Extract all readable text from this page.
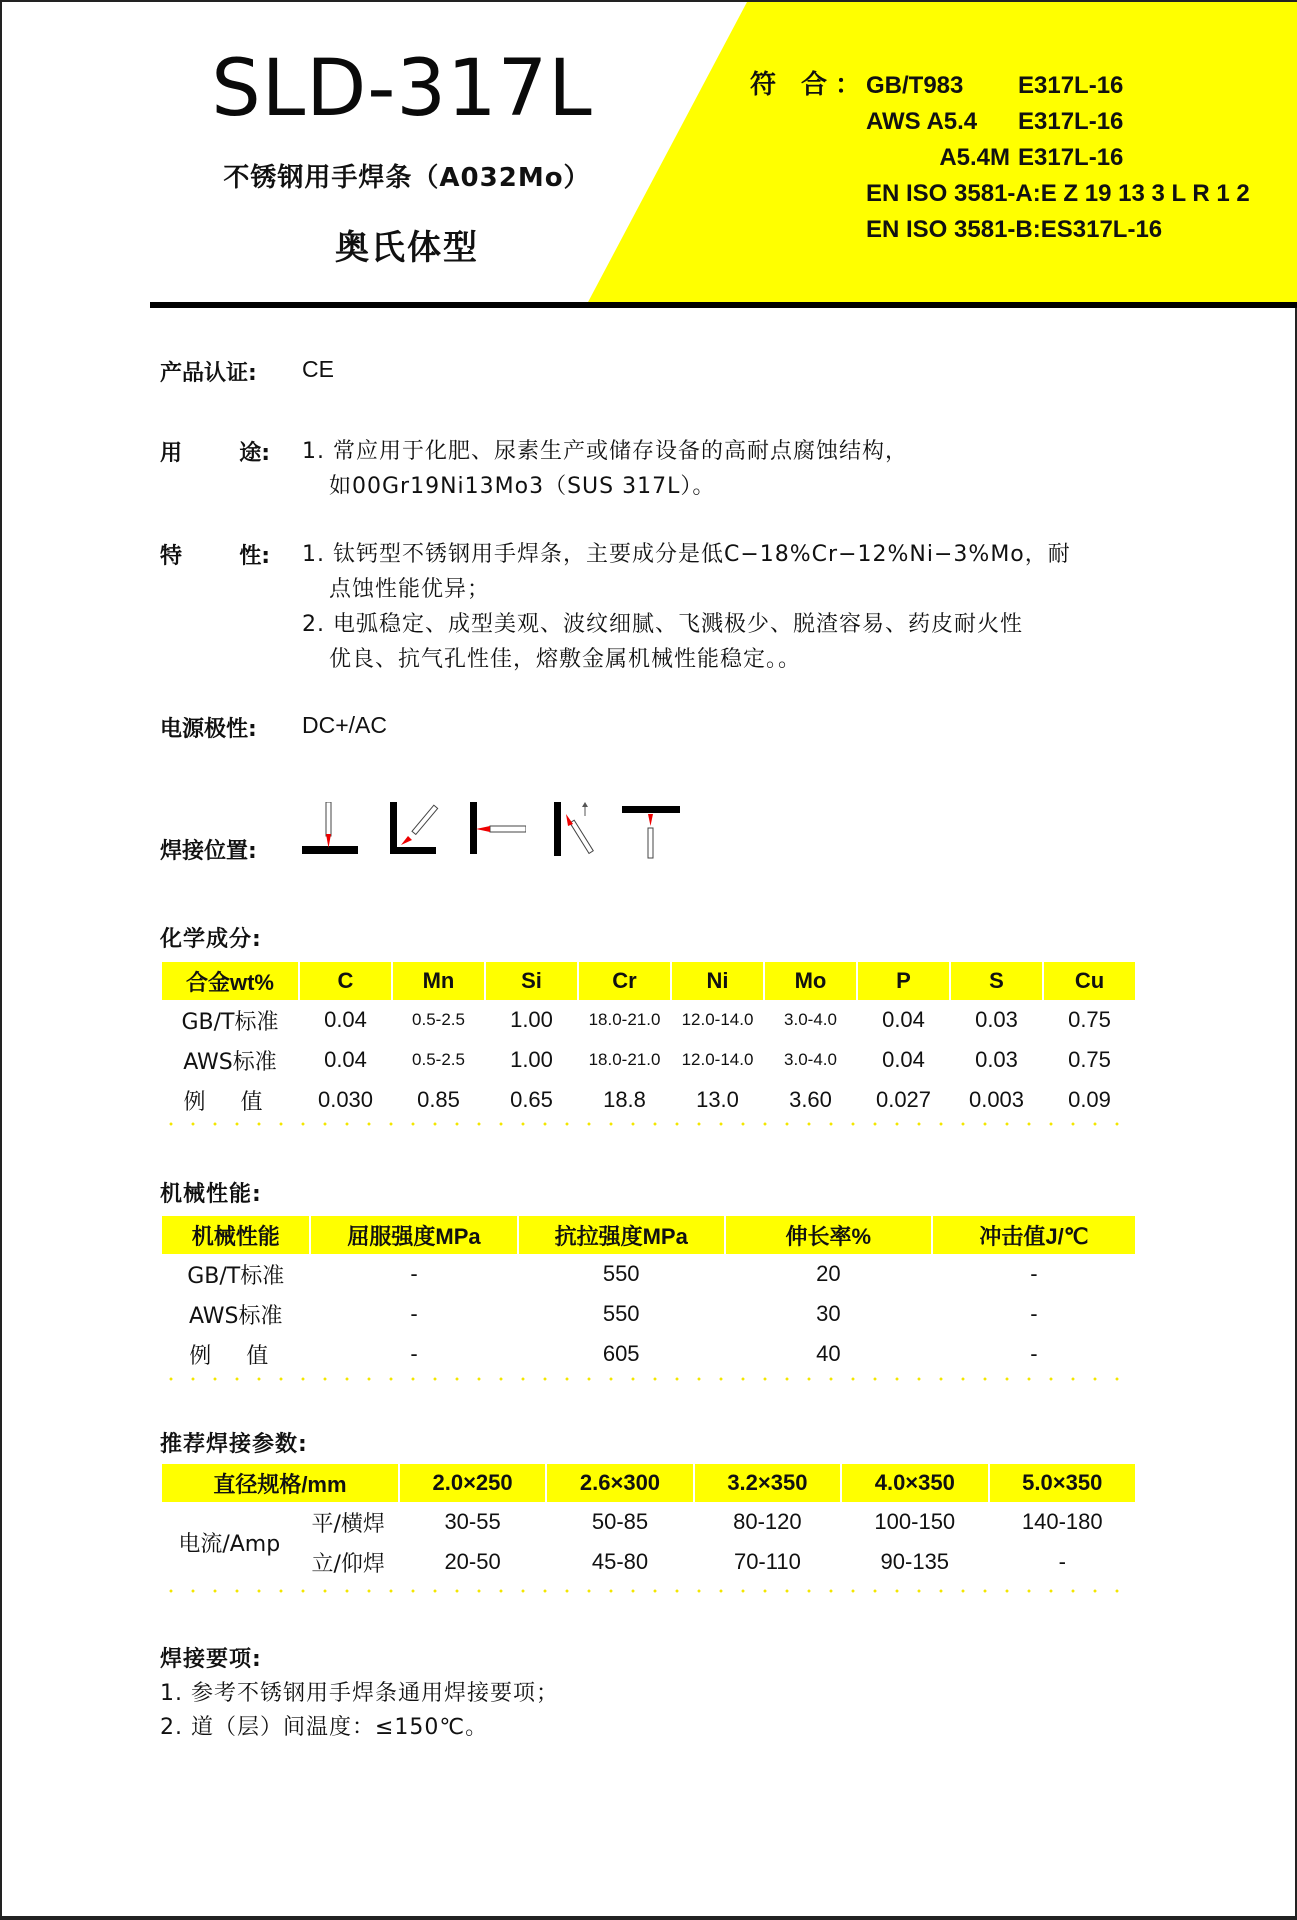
SLD-317L
不锈钢用手焊条（A032Mo）
奥氏体型
符 合：
GB/T983	E317L-16
AWS A5.4	E317L-16
A5.4M E317L-16
EN ISO 3581-A: E Z 19 13 3 L R 1 2
EN ISO 3581-B: ES317L-16
产品认证: CE
用	途: 1. 常应用于化肥、尿素生产或储存设备的高耐点腐蚀结构，
如00Gr19Ni13Mo3（SUS 317L）。
特	性: 1. 钛钙型不锈钢用手焊条，主要成分是低C−18%Cr−12%Ni−3%Mo，耐
点蚀性能优异；
2. 电弧稳定、成型美观、波纹细腻、飞溅极少、脱渣容易、药皮耐火性
优良、抗气孔性佳，熔敷金属机械性能稳定。。
电源极性: DC+/AC
焊接位置:
化学成分:
合金wt%	C	Mn	Si	Cr	Ni	Mo	P	S	Cu
GB/T标准	0.04	0.5-2.5	1.00	18.0-21.0	12.0-14.0	3.0-4.0	0.04	0.03	0.75
AWS标准	0.04	0.5-2.5	1.00	18.0-21.0	12.0-14.0	3.0-4.0	0.04	0.03	0.75
例 值	0.030	0.85	0.65	18.8	13.0	3.60	0.027	0.003	0.09
机械性能:
机械性能	屈服强度MPa	抗拉强度MPa	伸长率%	冲击值J/℃
GB/T标准	-	550	20	-
AWS标准	-	550	30	-
例 值	-	605	40	-
推荐焊接参数:
直径规格/mm		2.0×250	2.6×300	3.2×350	4.0×350	5.0×350
电流/Amp	平/横焊	30-55	50-85	80-120	100-150	140-180
	立/仰焊	20-50	45-80	70-110	90-135	-
焊接要项:
1. 参考不锈钢用手焊条通用焊接要项；
2. 道（层）间温度：≤150℃。
